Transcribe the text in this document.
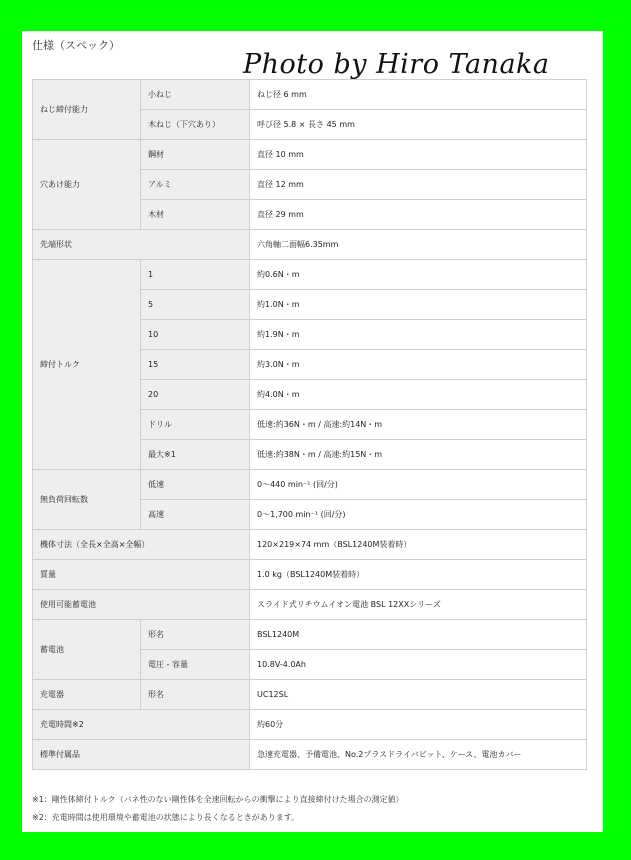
仕様（スペック）
Photo by Hiro Tanaka
ねじ締付能力	小ねじ	ねじ径 6 mm
	木ねじ（下穴あり）	呼び径 5.8 × 長さ 45 mm
穴あけ能力	鋼材	直径 10 mm
	アルミ	直径 12 mm
	木材	直径 29 mm
先端形状		六角軸二面幅6.35mm
締付トルク	1	約0.6N・m
	5	約1.0N・m
	10	約1.9N・m
	15	約3.0N・m
	20	約4.0N・m
	ドリル	低速:約36N・m / 高速:約14N・m
	最大※1	低速:約38N・m / 高速:約15N・m
無負荷回転数	低速	0～440 min⁻¹ (回/分)
	高速	0～1,700 min⁻¹ (回/分)
機体寸法（全長×全高×全幅）		120×219×74 mm（BSL1240M装着時）
質量		1.0 kg（BSL1240M装着時）
使用可能蓄電池		スライド式リチウムイオン電池 BSL 12XXシリーズ
蓄電池	形名	BSL1240M
	電圧 - 容量	10.8V-4.0Ah
充電器	形名	UC12SL
充電時間※2		約60分
標準付属品		急速充電器、予備電池、No.2プラスドライバビット、ケース、電池カバー
※1：剛性体締付トルク（バネ性のない剛性体を全速回転からの衝撃により直接締付けた場合の測定値）
※2：充電時間は使用環境や蓄電池の状態により長くなるときがあります。
